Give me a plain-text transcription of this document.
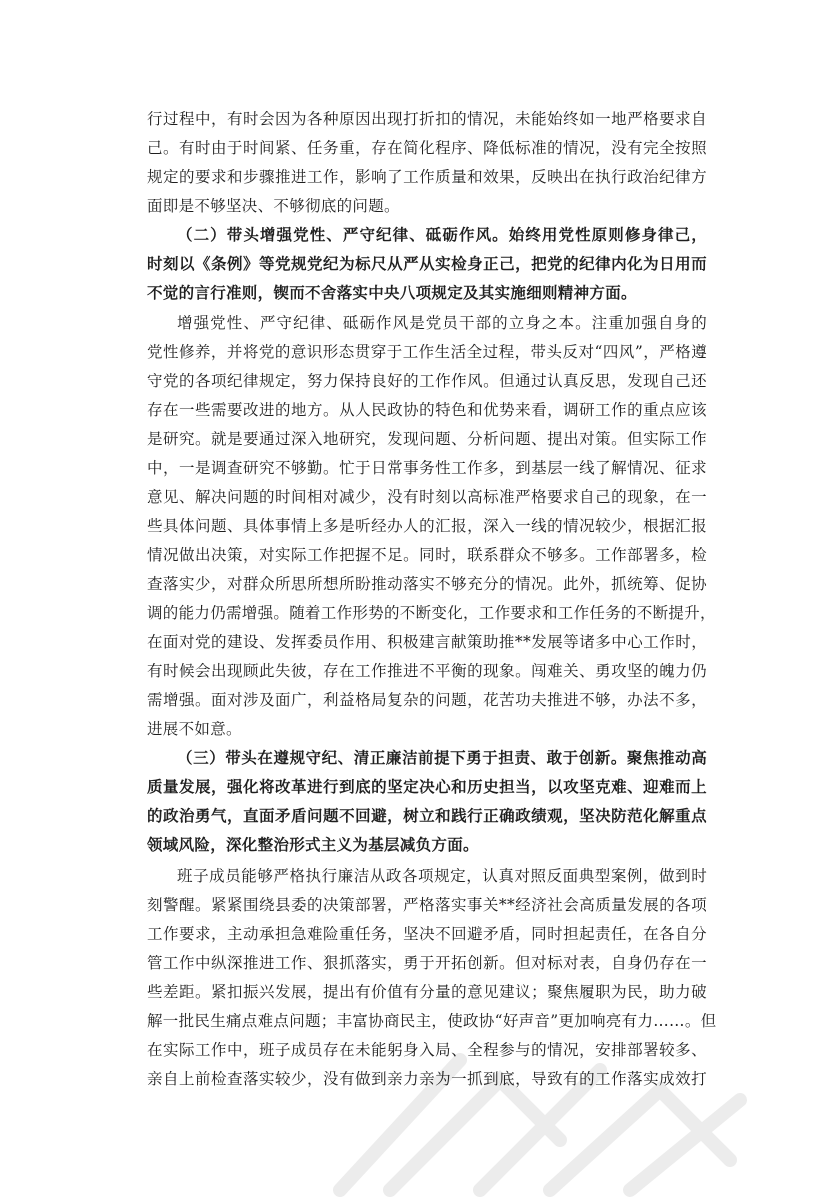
行过程中，有时会因为各种原因出现打折扣的情况，未能始终如一地严格要求自
己。有时由于时间紧、任务重，存在简化程序、降低标准的情况，没有完全按照
规定的要求和步骤推进工作，影响了工作质量和效果，反映出在执行政治纪律方
面即是不够坚决、不够彻底的问题。
（二）带头增强党性、严守纪律、砥砺作风。始终用党性原则修身律己，
时刻以《条例》等党规党纪为标尺从严从实检身正己，把党的纪律内化为日用而
不觉的言行准则，锲而不舍落实中央八项规定及其实施细则精神方面。
增强党性、严守纪律、砥砺作风是党员干部的立身之本。注重加强自身的
党性修养，并将党的意识形态贯穿于工作生活全过程，带头反对“四风”，严格遵
守党的各项纪律规定，努力保持良好的工作作风。但通过认真反思，发现自己还
存在一些需要改进的地方。从人民政协的特色和优势来看，调研工作的重点应该
是研究。就是要通过深入地研究，发现问题、分析问题、提出对策。但实际工作
中，一是调查研究不够勤。忙于日常事务性工作多，到基层一线了解情况、征求
意见、解决问题的时间相对减少，没有时刻以高标准严格要求自己的现象，在一
些具体问题、具体事情上多是听经办人的汇报，深入一线的情况较少，根据汇报
情况做出决策，对实际工作把握不足。同时，联系群众不够多。工作部署多，检
查落实少，对群众所思所想所盼推动落实不够充分的情况。此外，抓统筹、促协
调的能力仍需增强。随着工作形势的不断变化，工作要求和工作任务的不断提升，
在面对党的建设、发挥委员作用、积极建言献策助推**发展等诸多中心工作时，
有时候会出现顾此失彼，存在工作推进不平衡的现象。闯难关、勇攻坚的魄力仍
需增强。面对涉及面广，利益格局复杂的问题，花苦功夫推进不够，办法不多，
进展不如意。
（三）带头在遵规守纪、清正廉洁前提下勇于担责、敢于创新。聚焦推动高
质量发展，强化将改革进行到底的坚定决心和历史担当，以攻坚克难、迎难而上
的政治勇气，直面矛盾问题不回避，树立和践行正确政绩观，坚决防范化解重点
领域风险，深化整治形式主义为基层减负方面。
班子成员能够严格执行廉洁从政各项规定，认真对照反面典型案例，做到时
刻警醒。紧紧围绕县委的决策部署，严格落实事关**经济社会高质量发展的各项
工作要求，主动承担急难险重任务，坚决不回避矛盾，同时担起责任，在各自分
管工作中纵深推进工作、狠抓落实，勇于开拓创新。但对标对表，自身仍存在一
些差距。紧扣振兴发展，提出有价值有分量的意见建议；聚焦履职为民，助力破
解一批民生痛点难点问题；丰富协商民主，使政协“好声音”更加响亮有力……。但
在实际工作中，班子成员存在未能躬身入局、全程参与的情况，安排部署较多、
亲自上前检查落实较少，没有做到亲力亲为一抓到底，导致有的工作落实成效打
